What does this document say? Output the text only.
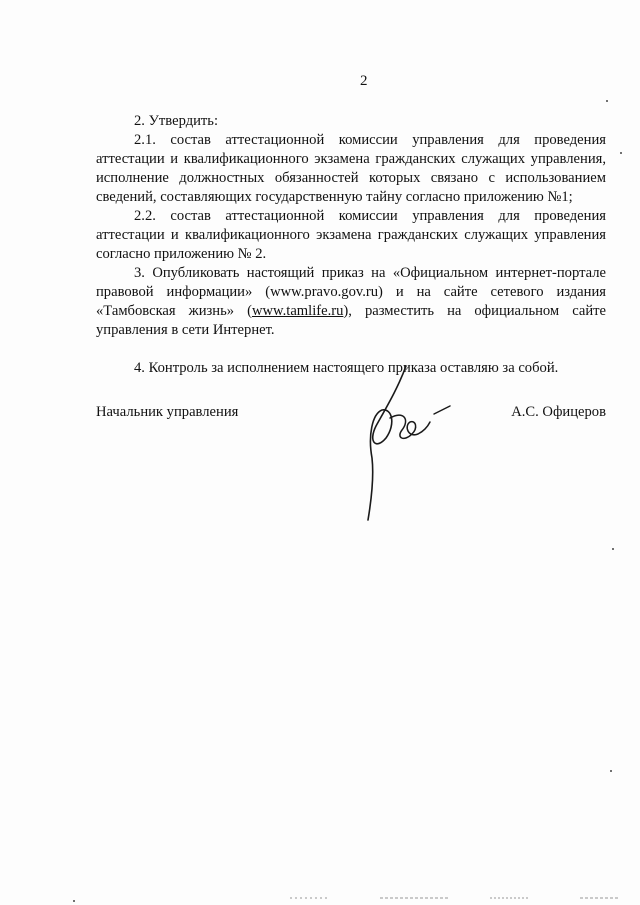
2

2. Утвердить:

2.1. состав аттестационной комиссии управления для проведения аттестации и квалификационного экзамена гражданских служащих управления, исполнение должностных обязанностей которых связано с использованием сведений, составляющих государственную тайну согласно приложению №1;

2.2. состав аттестационной комиссии управления для проведения аттестации и квалификационного экзамена гражданских служащих управления согласно приложению № 2.

3. Опубликовать настоящий приказ на «Официальном интернет-портале правовой информации» (www.pravo.gov.ru) и на сайте сетевого издания «Тамбовская жизнь» (www.tamlife.ru), разместить на официальном сайте управления в сети Интернет.

4. Контроль за исполнением настоящего приказа оставляю за собой.

Начальник управления	А.С. Офицеров
